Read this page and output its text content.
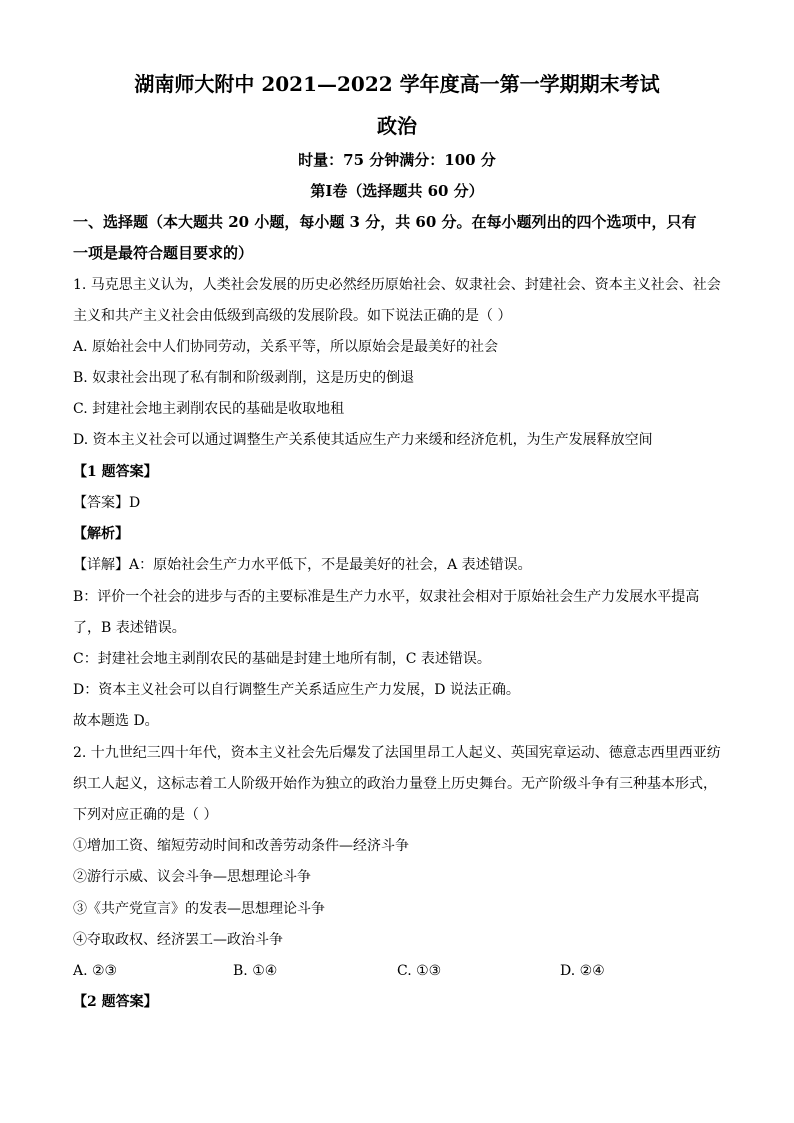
湖南师大附中 2021—2022 学年度高一第一学期期末考试
政治
时量：75 分钟满分：100 分
第Ⅰ卷（选择题共 60 分）
一、选择题（本大题共 20 小题，每小题 3 分，共 60 分。在每小题列出的四个选项中，只有
一项是最符合题目要求的）
1. 马克思主义认为，人类社会发展的历史必然经历原始社会、奴隶社会、封建社会、资本主义社会、社会
主义和共产主义社会由低级到高级的发展阶段。如下说法正确的是（ ）
A. 原始社会中人们协同劳动，关系平等，所以原始会是最美好的社会
B. 奴隶社会出现了私有制和阶级剥削，这是历史的倒退
C. 封建社会地主剥削农民的基础是收取地租
D. 资本主义社会可以通过调整生产关系使其适应生产力来缓和经济危机，为生产发展释放空间
【1 题答案】
【答案】D
【解析】
【详解】A：原始社会生产力水平低下，不是最美好的社会，A 表述错误。
B：评价一个社会的进步与否的主要标准是生产力水平，奴隶社会相对于原始社会生产力发展水平提高
了，B 表述错误。
C：封建社会地主剥削农民的基础是封建土地所有制，C 表述错误。
D：资本主义社会可以自行调整生产关系适应生产力发展，D 说法正确。
故本题选 D。
2. 十九世纪三四十年代，资本主义社会先后爆发了法国里昂工人起义、英国宪章运动、德意志西里西亚纺
织工人起义，这标志着工人阶级开始作为独立的政治力量登上历史舞台。无产阶级斗争有三种基本形式，
下列对应正确的是（ ）
①增加工资、缩短劳动时间和改善劳动条件—经济斗争
②游行示威、议会斗争—思想理论斗争
③《共产党宣言》的发表—思想理论斗争
④夺取政权、经济罢工—政治斗争
A. ②③	B. ①④	C. ①③	D. ②④
【2 题答案】
